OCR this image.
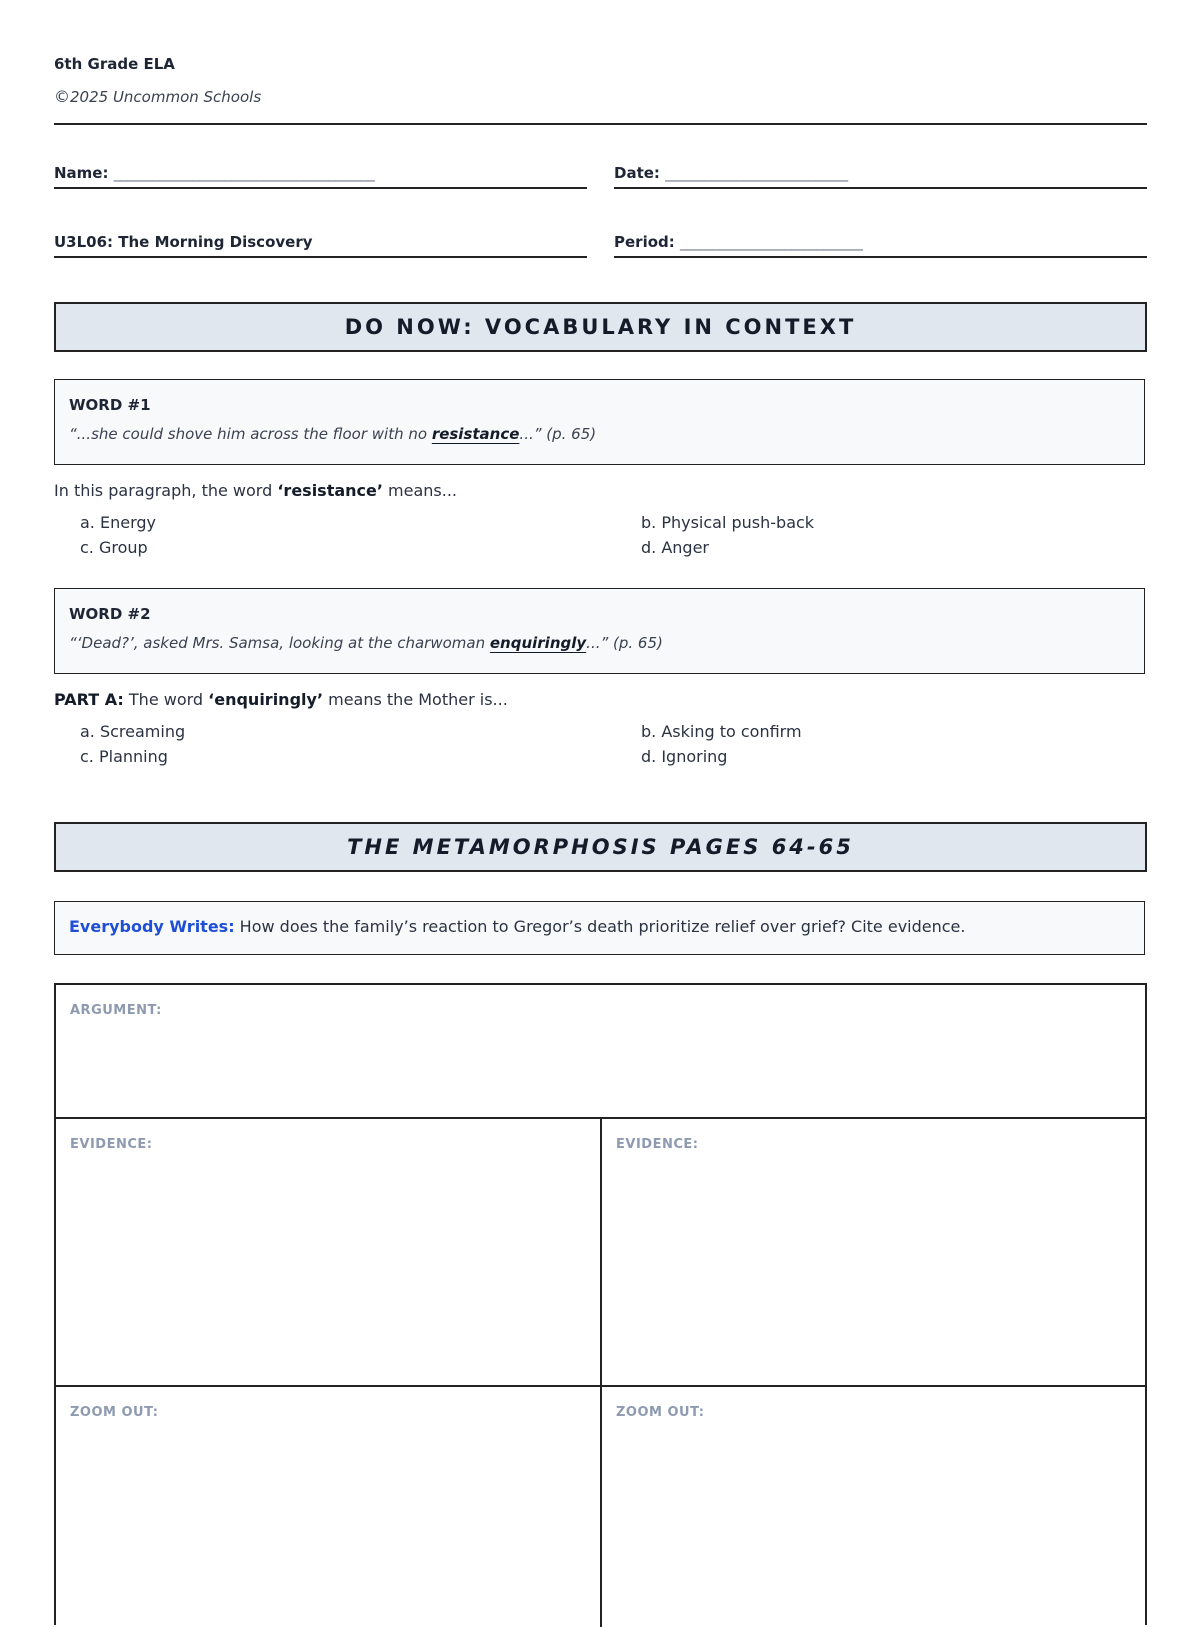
6th Grade ELA
©2025 Uncommon Schools
Name: ________________________________________	Date: ____________________________
U3L06: The Morning Discovery	Period: ____________________________
DO NOW: VOCABULARY IN CONTEXT
WORD #1
“...she could shove him across the floor with no resistance...” (p. 65)
In this paragraph, the word ‘resistance’ means...
a. Energy	b. Physical push-back
c. Group	d. Anger
WORD #2
“‘Dead?’, asked Mrs. Samsa, looking at the charwoman enquiringly...” (p. 65)
PART A: The word ‘enquiringly’ means the Mother is...
a. Screaming	b. Asking to confirm
c. Planning	d. Ignoring
THE METAMORPHOSIS PAGES 64-65
Everybody Writes: How does the family’s reaction to Gregor’s death prioritize relief over grief? Cite evidence.
ARGUMENT:
EVIDENCE:	EVIDENCE:
ZOOM OUT:	ZOOM OUT:
